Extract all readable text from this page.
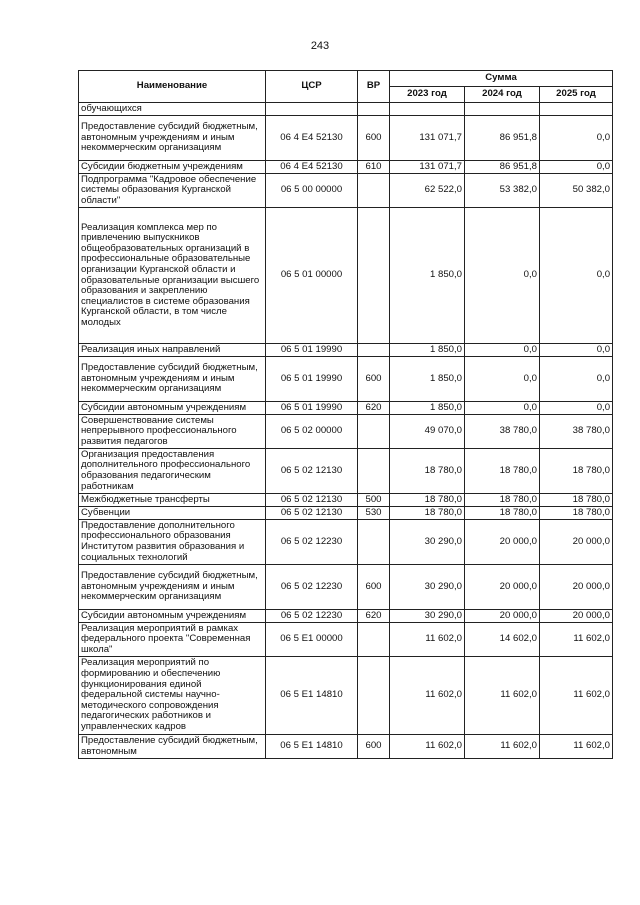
243
Наименование	ЦСР	ВР	Сумма		
			2023 год	2024 год	2025 год
обучающихся					
Предоставление субсидий бюджетным, автономным учреждениям и иным некоммерческим организациям	06 4 E4 52130	600	131 071,7	86 951,8	0,0
Субсидии бюджетным учреждениям	06 4 E4 52130	610	131 071,7	86 951,8	0,0
Подпрограмма "Кадровое обеспечение системы образования Курганской области"	06 5 00 00000		62 522,0	53 382,0	50 382,0
Реализация комплекса мер по привлечению выпускников общеобразовательных организаций в профессиональные образовательные организации Курганской области и образовательные организации высшего образования и закреплению специалистов в системе образования Курганской области, в том числе молодых	06 5 01 00000		1 850,0	0,0	0,0
Реализация иных направлений	06 5 01 19990		1 850,0	0,0	0,0
Предоставление субсидий бюджетным, автономным учреждениям и иным некоммерческим организациям	06 5 01 19990	600	1 850,0	0,0	0,0
Субсидии автономным учреждениям	06 5 01 19990	620	1 850,0	0,0	0,0
Совершенствование системы непрерывного профессионального развития педагогов	06 5 02 00000		49 070,0	38 780,0	38 780,0
Организация предоставления дополнительного профессионального образования педагогическим работникам	06 5 02 12130		18 780,0	18 780,0	18 780,0
Межбюджетные трансферты	06 5 02 12130	500	18 780,0	18 780,0	18 780,0
Субвенции	06 5 02 12130	530	18 780,0	18 780,0	18 780,0
Предоставление дополнительного профессионального образования Институтом развития образования и социальных технологий	06 5 02 12230		30 290,0	20 000,0	20 000,0
Предоставление субсидий бюджетным, автономным учреждениям и иным некоммерческим организациям	06 5 02 12230	600	30 290,0	20 000,0	20 000,0
Субсидии автономным учреждениям	06 5 02 12230	620	30 290,0	20 000,0	20 000,0
Реализация мероприятий в рамках федерального проекта "Современная школа"	06 5 E1 00000		11 602,0	14 602,0	11 602,0
Реализация мероприятий по формированию и обеспечению функционирования единой федеральной системы научно-методического сопровождения педагогических работников и управленческих кадров	06 5 E1 14810		11 602,0	11 602,0	11 602,0
Предоставление субсидий бюджетным, автономным	06 5 E1 14810	600	11 602,0	11 602,0	11 602,0
